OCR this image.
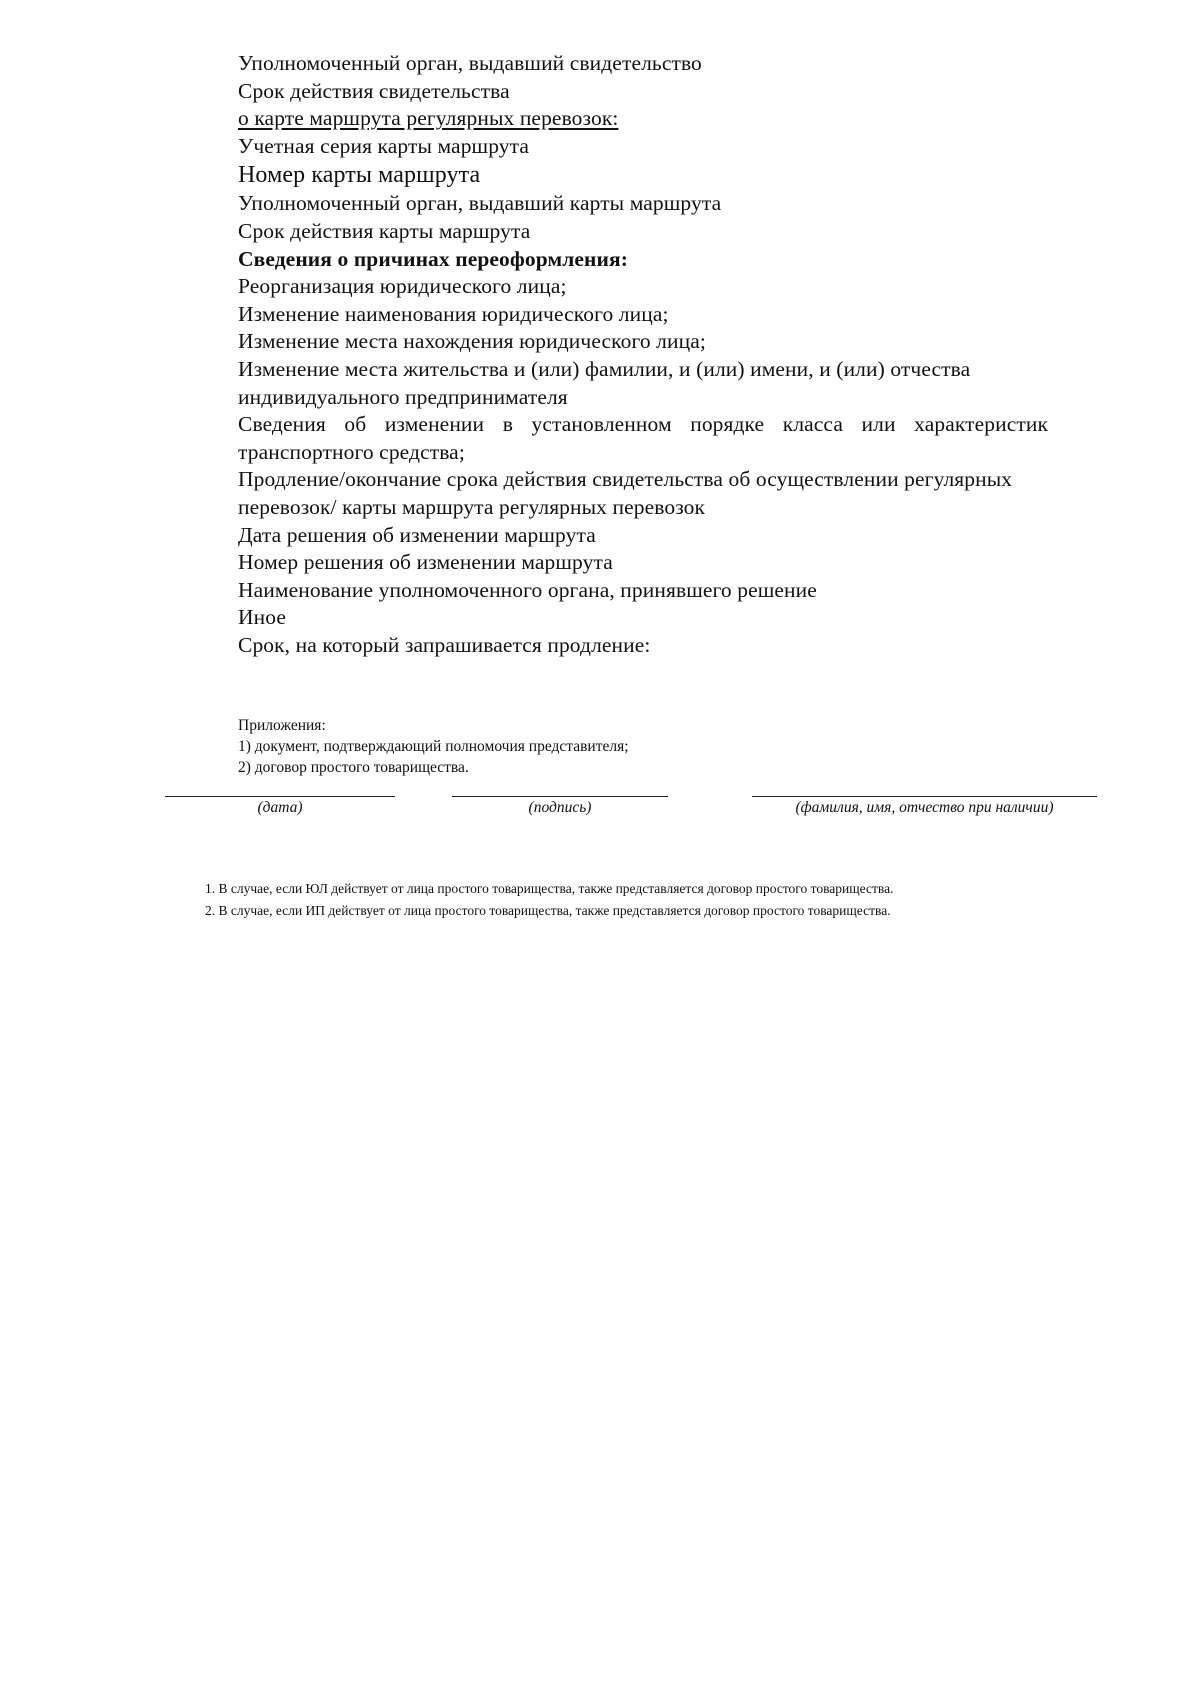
Уполномоченный орган, выдавший свидетельство
Срок действия свидетельства
о карте маршрута регулярных перевозок:
Учетная серия карты маршрута
Номер карты маршрута
Уполномоченный орган, выдавший карты маршрута
Срок действия карты маршрута
Сведения о причинах переоформления:
Реорганизация юридического лица;
Изменение наименования юридического лица;
Изменение места нахождения юридического лица;
Изменение места жительства и (или) фамилии, и (или) имени, и (или) отчества
индивидуального предпринимателя
Сведения об изменении в установленном порядке класса или характеристик
транспортного средства;
Продление/окончание срока действия свидетельства об осуществлении регулярных
перевозок/ карты маршрута регулярных перевозок
Дата решения об изменении маршрута
Номер решения об изменении маршрута
Наименование уполномоченного органа, принявшего решение
Иное
Срок, на который запрашивается продление:
Приложения:
1) документ, подтверждающий полномочия представителя;
2) договор простого товарищества.
(дата)	(подпись)	(фамилия, имя, отчество при наличии)
1. В случае, если ЮЛ действует от лица простого товарищества, также представляется договор простого товарищества.
2. В случае, если ИП действует от лица простого товарищества, также представляется договор простого товарищества.
